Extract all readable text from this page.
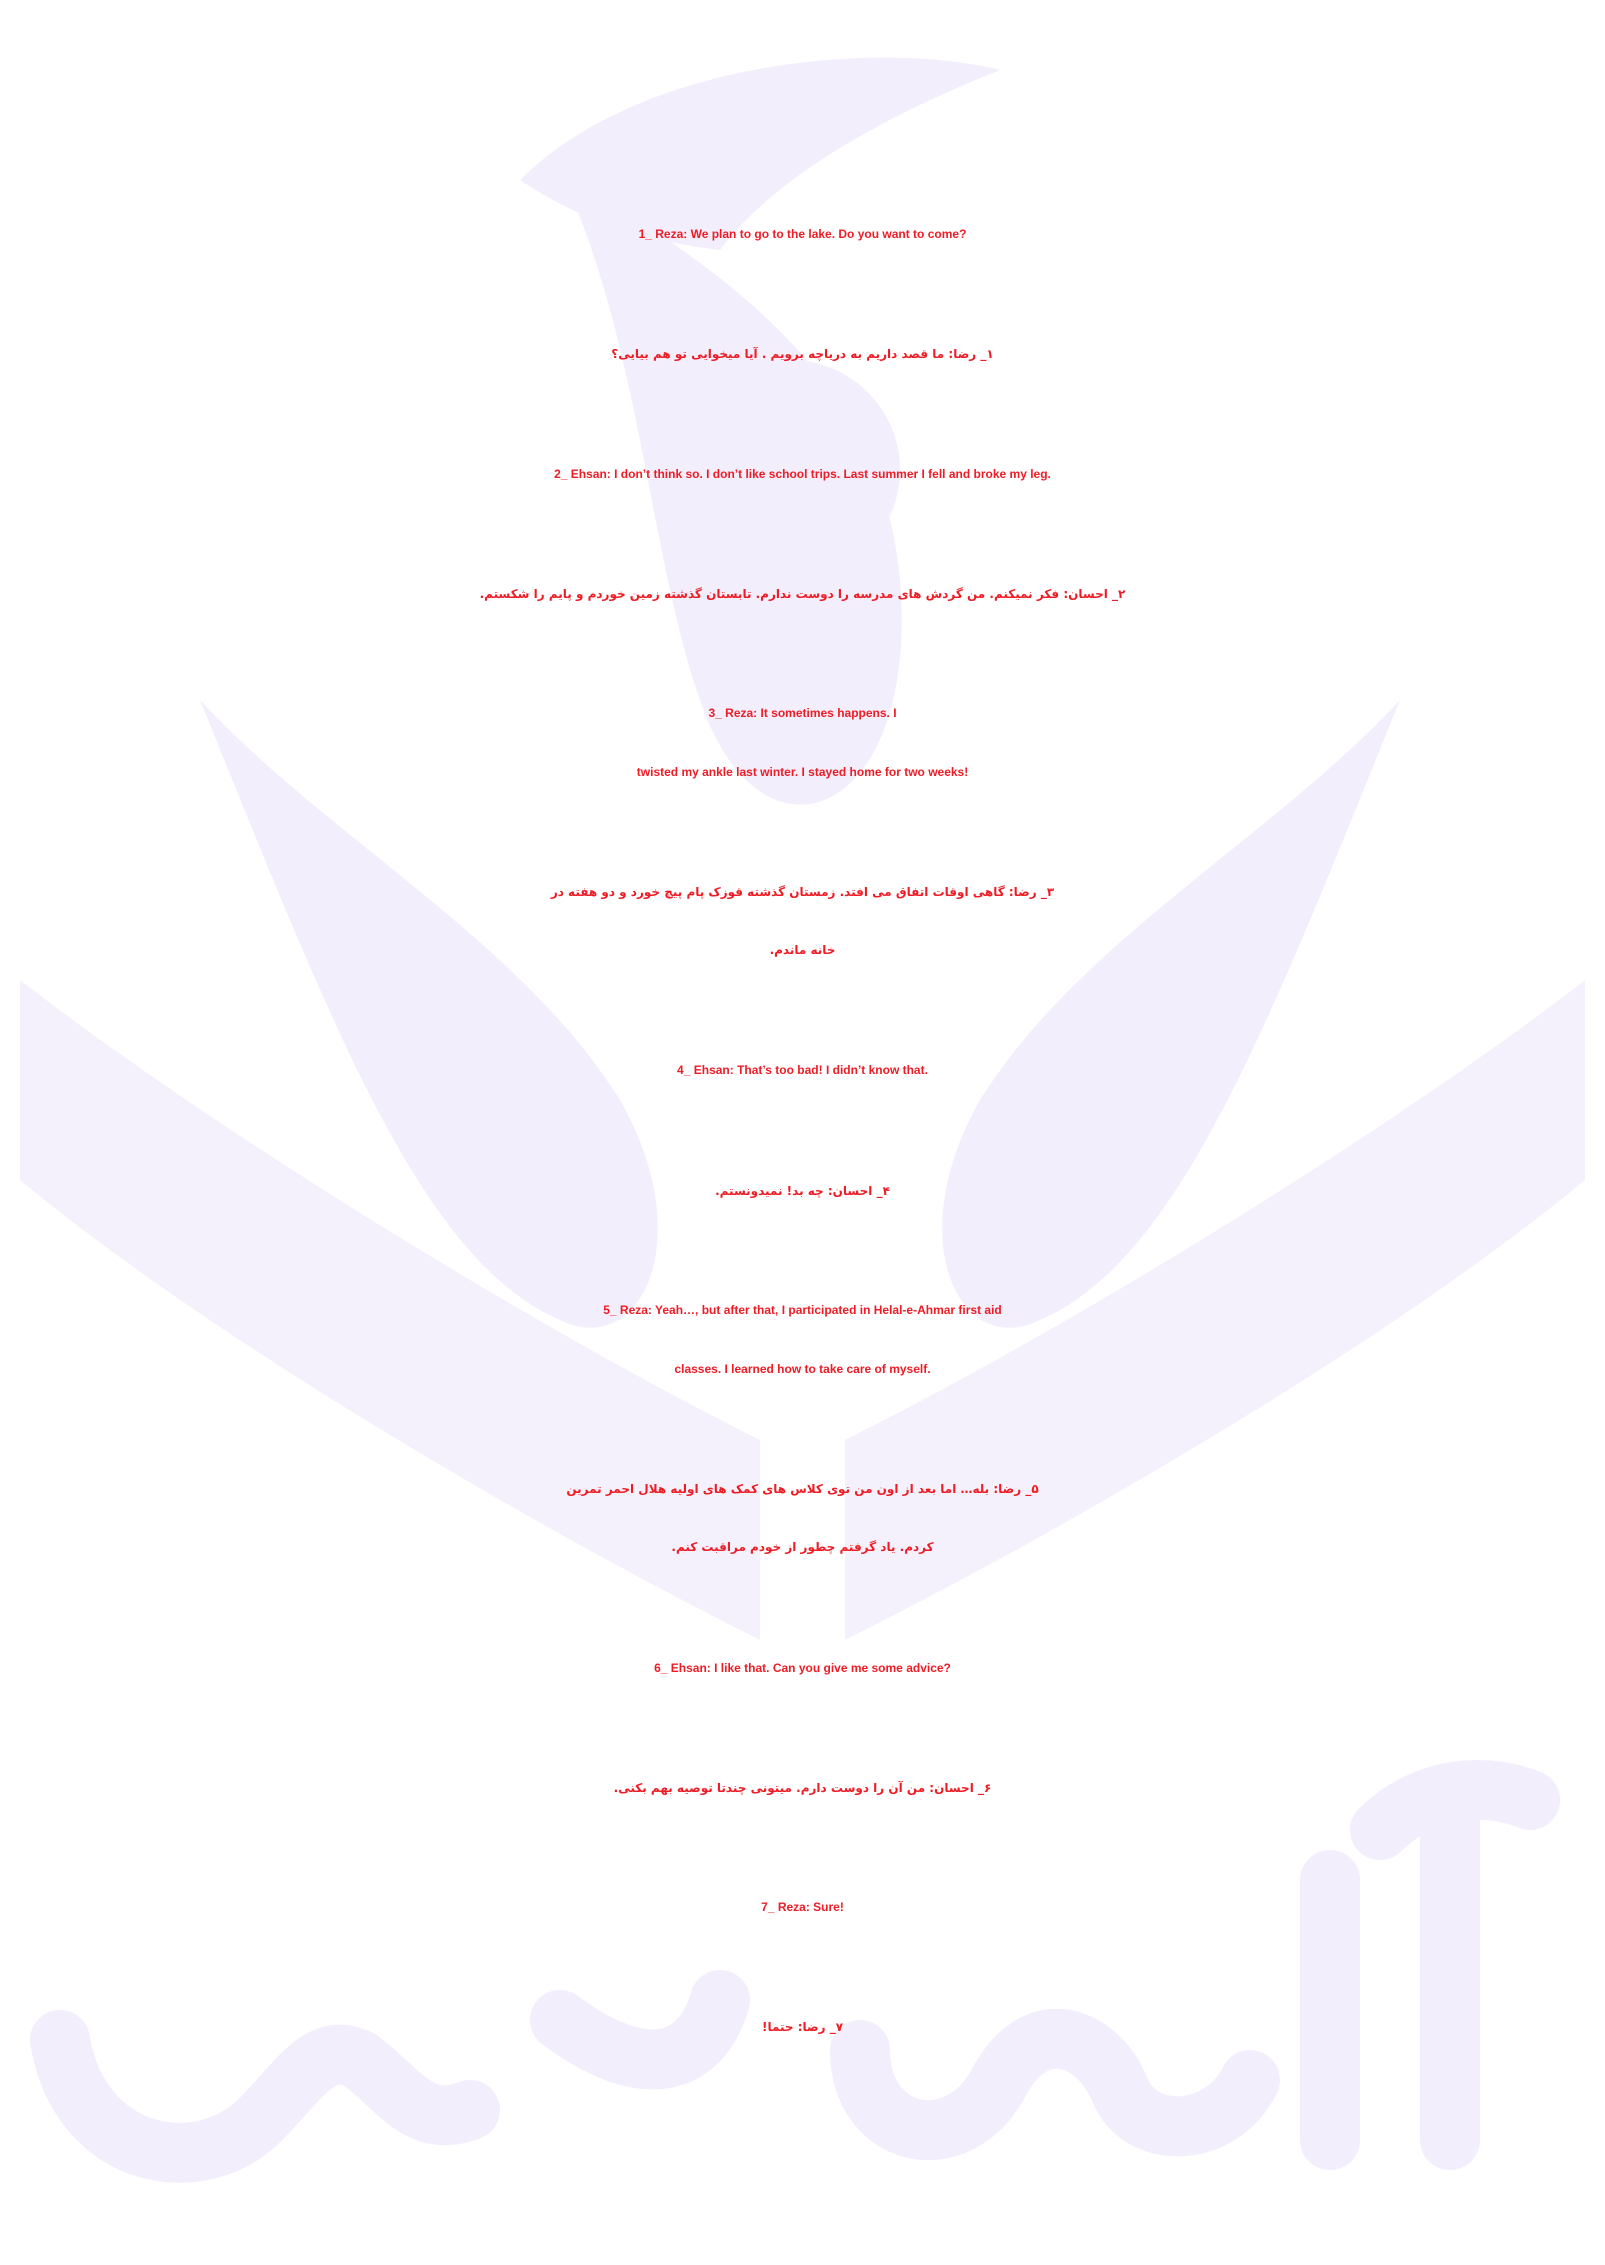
1_ Reza: We plan to go to the lake. Do you want to come?

۱_ رضا: ما قصد داریم به دریاچه برویم . آیا میخوایی تو هم بیایی؟

2_ Ehsan: I don’t think so. I don’t like school trips. Last summer I fell and broke my leg.

۲_ احسان: فکر نمیکنم. من گردش های مدرسه را دوست ندارم. تابستان گذشته زمین خوردم و پایم را شکستم.

3_ Reza: It sometimes happens. I

twisted my ankle last winter. I stayed home for two weeks!

۳_ رضا: گاهی اوقات اتفاق می افتد. زمستان گذشته قوزک پام پیچ خورد و دو هفته در

خانه ماندم.

4_ Ehsan: That’s too bad! I didn’t know that.

۴_ احسان: چه بد! نمیدونستم.

5_ Reza: Yeah…, but after that, I participated in Helal-e-Ahmar first aid

classes. I learned how to take care of myself.

۵_ رضا: بله… اما بعد از اون من توی کلاس های کمک های اولیه هلال احمر تمرین

کردم. یاد گرفتم چطور از خودم مراقبت کنم.

6_ Ehsan: I like that. Can you give me some advice?

۶_ احسان: من آن را دوست دارم. میتونی چندتا توصیه بهم بکنی.

7_ Reza: Sure!

۷_ رضا: حتما!
